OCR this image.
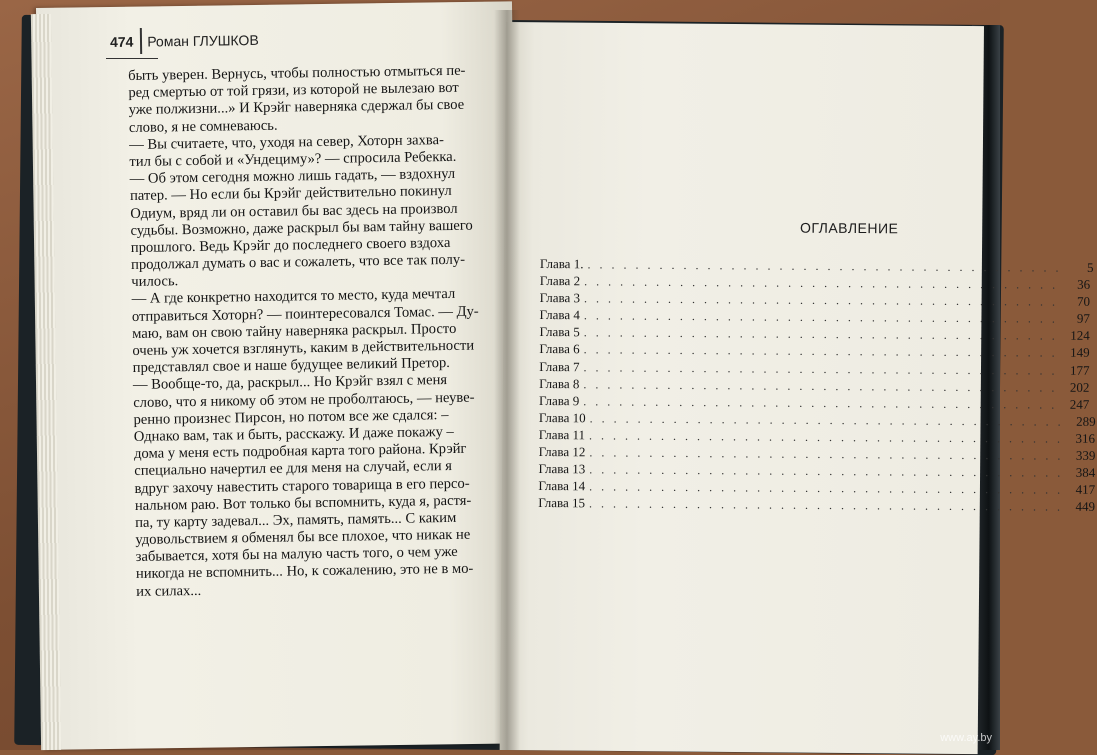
474 Роман ГЛУШКОВ
быть уверен. Вернусь, чтобы полностью отмыться пе-
ред смертью от той грязи, из которой не вылезаю вот
уже полжизни...» И Крэйг наверняка сдержал бы свое
слово, я не сомневаюсь.
— Вы считаете, что, уходя на север, Хоторн захва-
тил бы с собой и «Ундециму»? — спросила Ребекка.
— Об этом сегодня можно лишь гадать, — вздохнул
патер. — Но если бы Крэйг действительно покинул
Одиум, вряд ли он оставил бы вас здесь на произвол
судьбы. Возможно, даже раскрыл бы вам тайну вашего
прошлого. Ведь Крэйг до последнего своего вздоха
продолжал думать о вас и сожалеть, что все так полу-
чилось.
— А где конкретно находится то место, куда мечтал
отправиться Хоторн? — поинтересовался Томас. — Ду-
маю, вам он свою тайну наверняка раскрыл. Просто
очень уж хочется взглянуть, каким в действительности
представлял свое и наше будущее великий Претор.
— Вообще-то, да, раскрыл... Но Крэйг взял с меня
слово, что я никому об этом не проболтаюсь, — неуве-
ренно произнес Пирсон, но потом все же сдался: –
Однако вам, так и быть, расскажу. И даже покажу –
дома у меня есть подробная карта того района. Крэйг
специально начертил ее для меня на случай, если я
вдруг захочу навестить старого товарища в его персо-
нальном раю. Вот только бы вспомнить, куда я, растя-
па, ту карту задевал... Эх, память, память... С каким
удовольствием я обменял бы все плохое, что никак не
забывается, хотя бы на малую часть того, о чем уже
никогда не вспомнить... Но, к сожалению, это не в мо-
их силах...
ОГЛАВЛЕНИЕ
Глава 1. . . . . . . . . . . . . . . . . . . . . . . . . . . . . . . . . . . . . . . . .	5
Глава 2 . . . . . . . . . . . . . . . . . . . . . . . . . . . . . . . . . . . . . . . .	36
Глава 3 . . . . . . . . . . . . . . . . . . . . . . . . . . . . . . . . . . . . . . . .	70
Глава 4 . . . . . . . . . . . . . . . . . . . . . . . . . . . . . . . . . . . . . . . .	97
Глава 5 . . . . . . . . . . . . . . . . . . . . . . . . . . . . . . . . . . . . . . . . 124
Глава 6 . . . . . . . . . . . . . . . . . . . . . . . . . . . . . . . . . . . . . . . . 149
Глава 7 . . . . . . . . . . . . . . . . . . . . . . . . . . . . . . . . . . . . . . . . 177
Глава 8 . . . . . . . . . . . . . . . . . . . . . . . . . . . . . . . . . . . . . . . . 202
Глава 9 . . . . . . . . . . . . . . . . . . . . . . . . . . . . . . . . . . . . . . . . 247
Глава 10 . . . . . . . . . . . . . . . . . . . . . . . . . . . . . . . . . . . . . . . . 289
Глава 11 . . . . . . . . . . . . . . . . . . . . . . . . . . . . . . . . . . . . . . . . 316
Глава 12 . . . . . . . . . . . . . . . . . . . . . . . . . . . . . . . . . . . . . . . . 339
Глава 13 . . . . . . . . . . . . . . . . . . . . . . . . . . . . . . . . . . . . . . . . 384
Глава 14 . . . . . . . . . . . . . . . . . . . . . . . . . . . . . . . . . . . . . . . . 417
Глава 15 . . . . . . . . . . . . . . . . . . . . . . . . . . . . . . . . . . . . . . . . 449
www.ay.by
